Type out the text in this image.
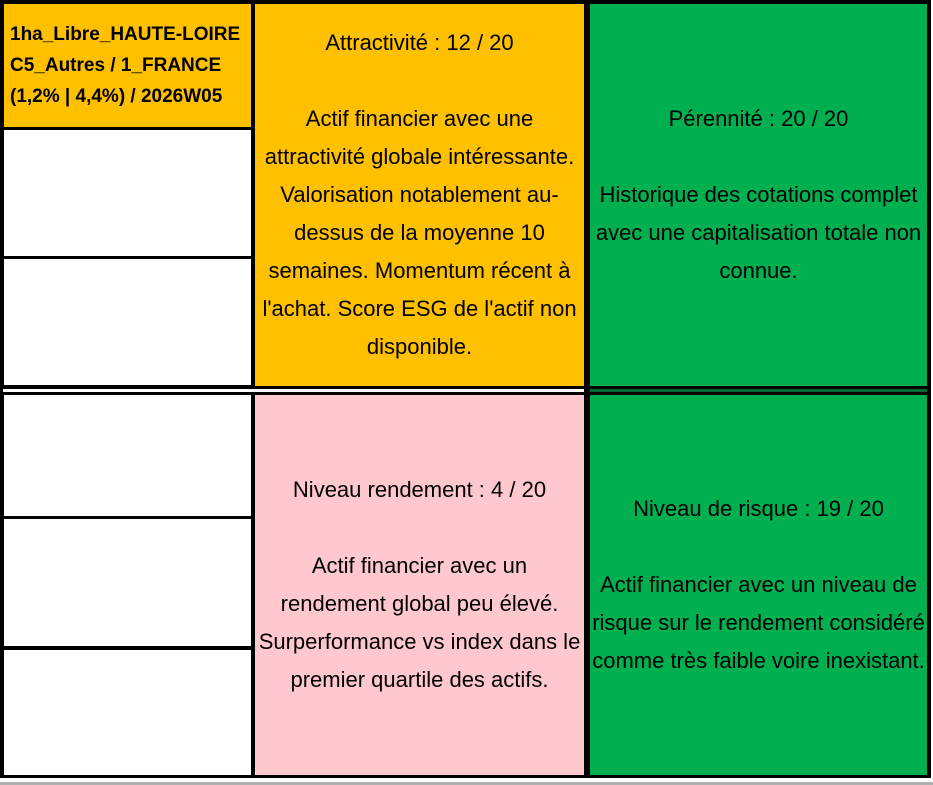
1ha_Libre_HAUTE-LOIRE
C5_Autres / 1_FRANCE
(1,2% | 4,4%) / 2026W05
Attractivité : 12 / 20
Actif financier avec une attractivité globale intéressante. Valorisation notablement au-dessus de la moyenne 10 semaines. Momentum récent à l'achat. Score ESG de l'actif non disponible.
Niveau rendement : 4 / 20
Actif financier avec un rendement global peu élevé. Surperformance vs index dans le premier quartile des actifs.
Pérennité : 20 / 20
Historique des cotations complet avec une capitalisation totale non connue.
Niveau de risque : 19 / 20
Actif financier avec un niveau de risque sur le rendement considéré comme très faible voire inexistant.
